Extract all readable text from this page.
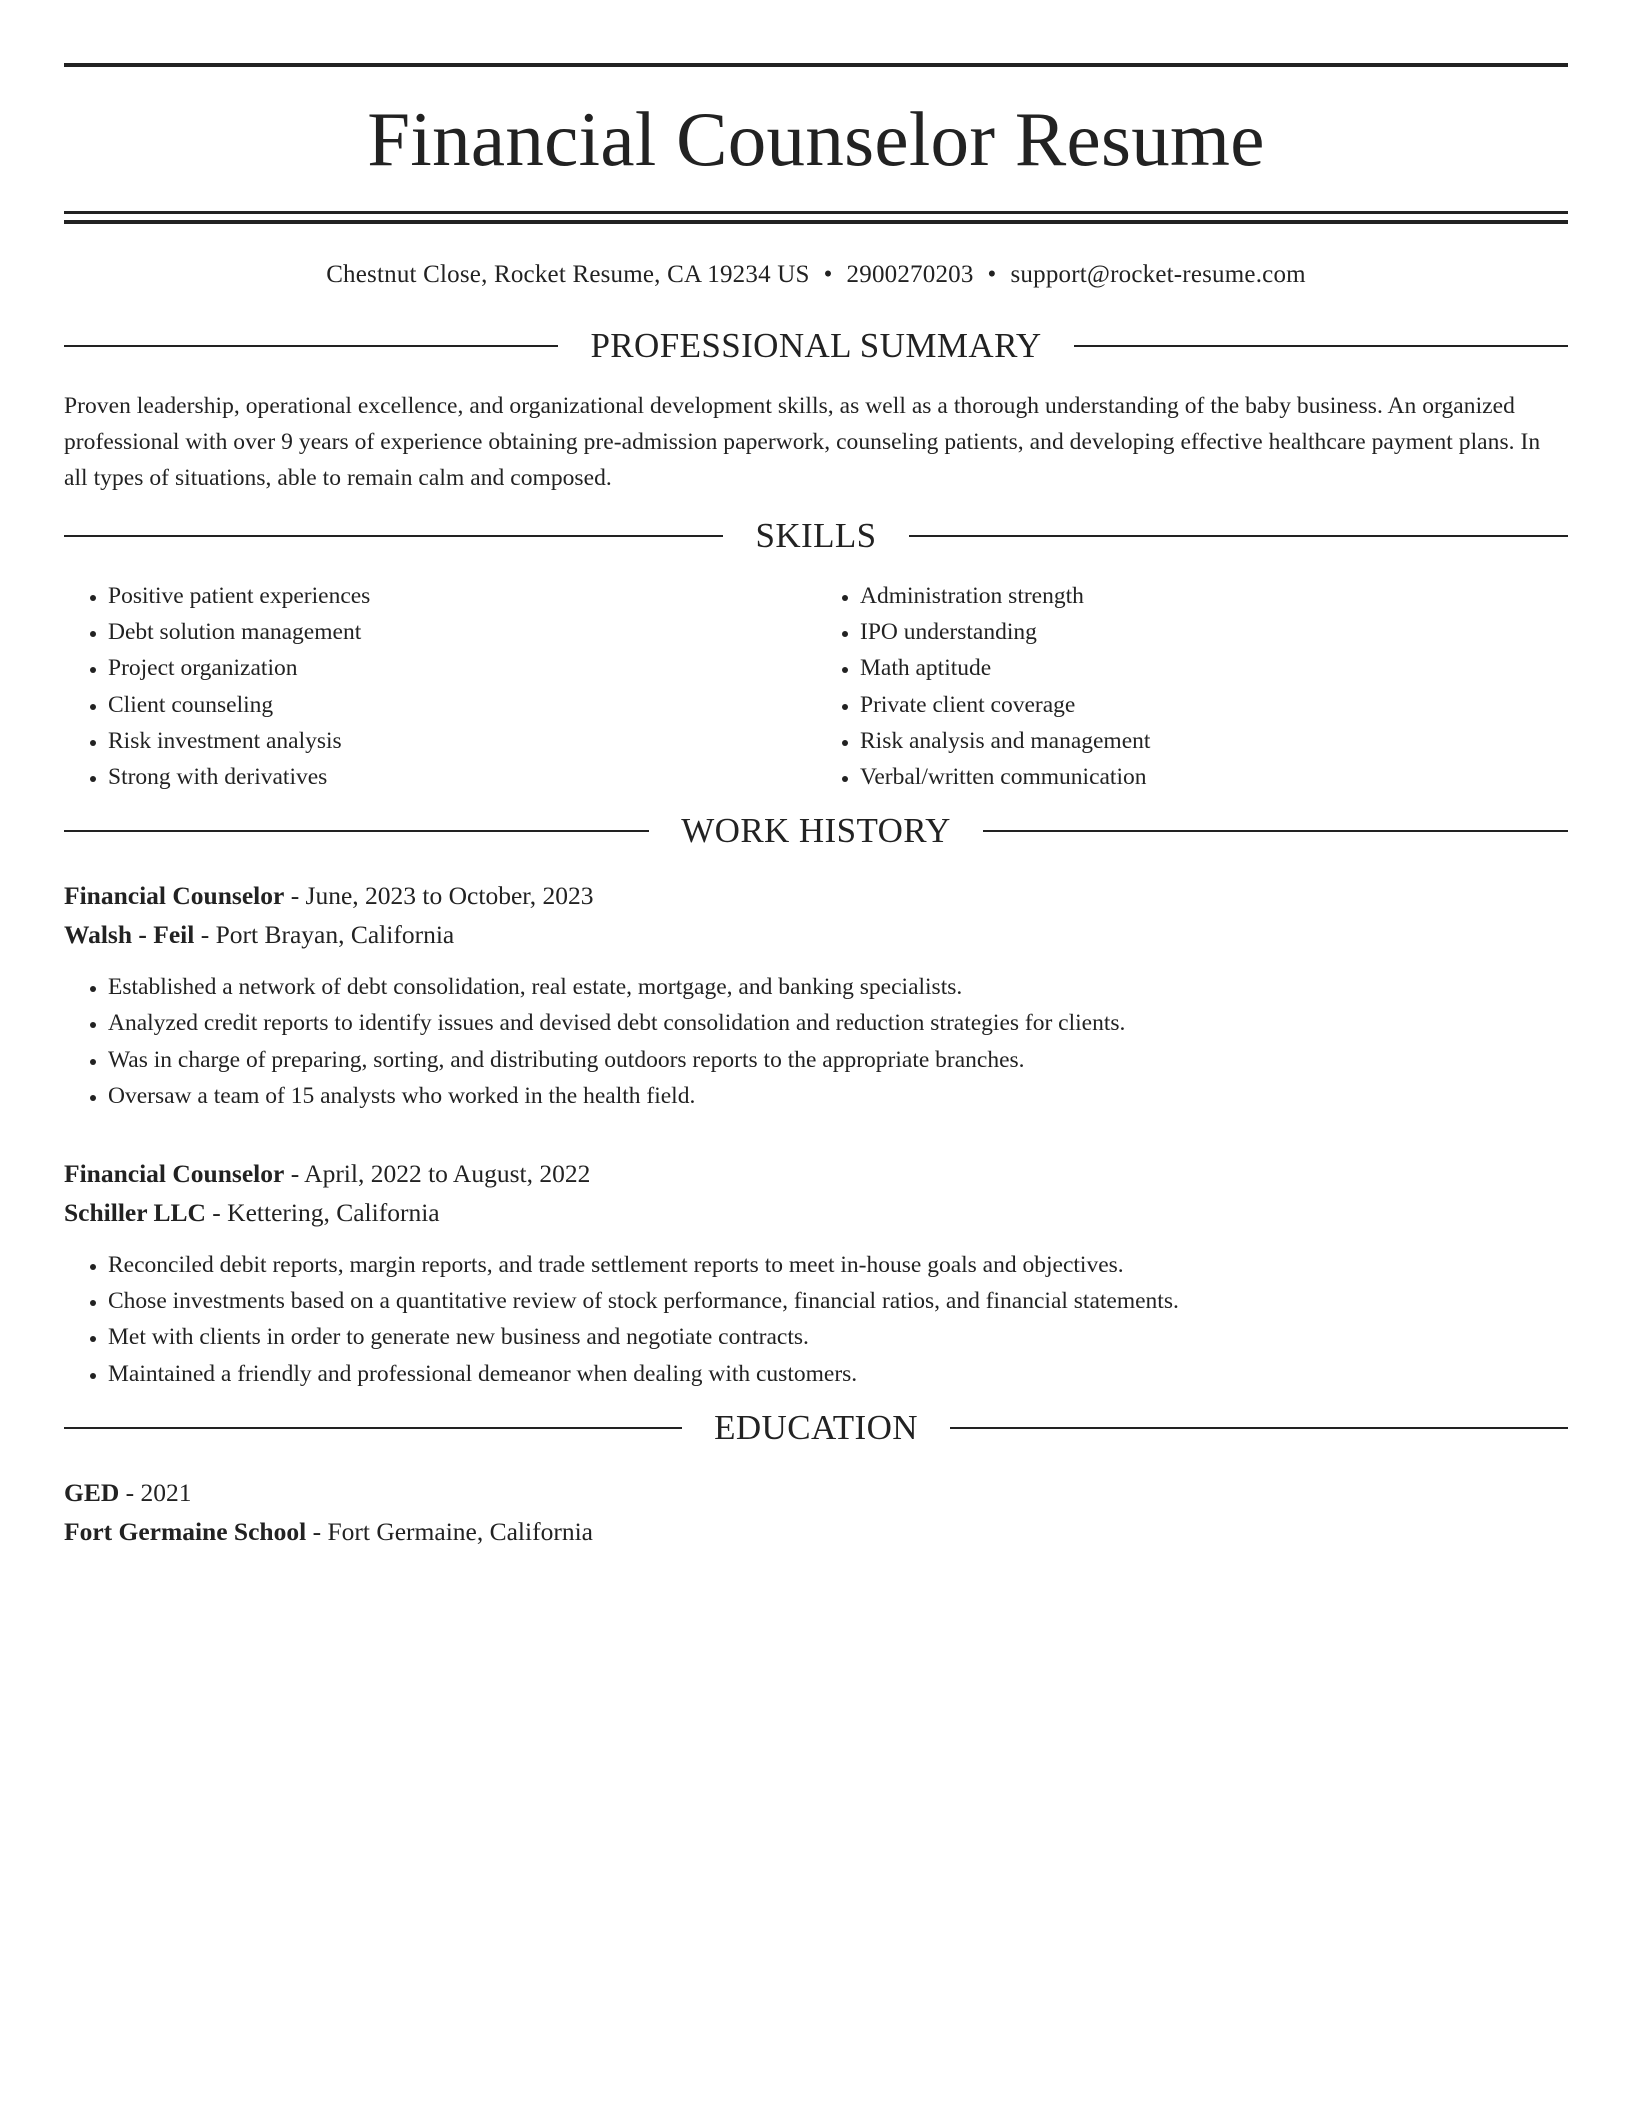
Financial Counselor Resume
Chestnut Close, Rocket Resume, CA 19234 US • 2900270203 • support@rocket-resume.com
PROFESSIONAL SUMMARY
Proven leadership, operational excellence, and organizational development skills, as well as a thorough understanding of the baby business. An organized professional with over 9 years of experience obtaining pre-admission paperwork, counseling patients, and developing effective healthcare payment plans. In all types of situations, able to remain calm and composed.
SKILLS
• Positive patient experiences
• Debt solution management
• Project organization
• Client counseling
• Risk investment analysis
• Strong with derivatives
• Administration strength
• IPO understanding
• Math aptitude
• Private client coverage
• Risk analysis and management
• Verbal/written communication
WORK HISTORY
Financial Counselor - June, 2023 to October, 2023
Walsh - Feil - Port Brayan, California
• Established a network of debt consolidation, real estate, mortgage, and banking specialists.
• Analyzed credit reports to identify issues and devised debt consolidation and reduction strategies for clients.
• Was in charge of preparing, sorting, and distributing outdoors reports to the appropriate branches.
• Oversaw a team of 15 analysts who worked in the health field.
Financial Counselor - April, 2022 to August, 2022
Schiller LLC - Kettering, California
• Reconciled debit reports, margin reports, and trade settlement reports to meet in-house goals and objectives.
• Chose investments based on a quantitative review of stock performance, financial ratios, and financial statements.
• Met with clients in order to generate new business and negotiate contracts.
• Maintained a friendly and professional demeanor when dealing with customers.
EDUCATION
GED - 2021
Fort Germaine School - Fort Germaine, California
